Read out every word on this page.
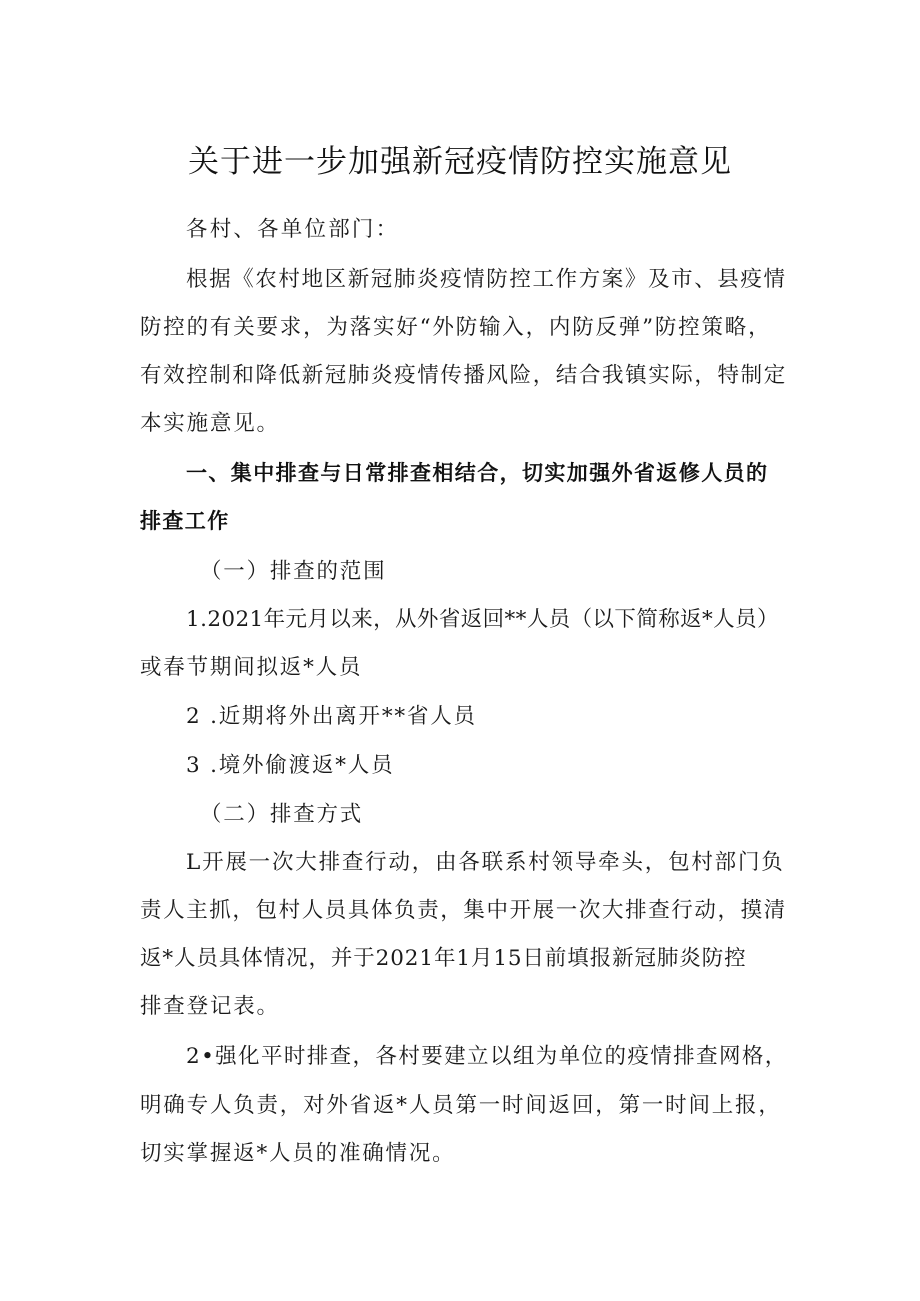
关于进一步加强新冠疫情防控实施意见
各村、各单位部门：
根据《农村地区新冠肺炎疫情防控工作方案》及市、县疫情
防控的有关要求，为落实好“外防输入，内防反弹”防控策略，
有效控制和降低新冠肺炎疫情传播风险，结合我镇实际，特制定
本实施意见。
一、集中排查与日常排查相结合，切实加强外省返修人员的
排查工作
（一）排查的范围
1.2021年元月以来，从外省返回**人员（以下简称返*人员）
或春节期间拟返*人员
2 .近期将外出离开**省人员
3 .境外偷渡返*人员
（二）排查方式
L开展一次大排查行动，由各联系村领导牵头，包村部门负
责人主抓，包村人员具体负责，集中开展一次大排查行动，摸清
返*人员具体情况，并于2021年1月15日前填报新冠肺炎防控
排查登记表。
2•强化平时排查，各村要建立以组为单位的疫情排查网格，
明确专人负责，对外省返*人员第一时间返回，第一时间上报，
切实掌握返*人员的准确情况。
